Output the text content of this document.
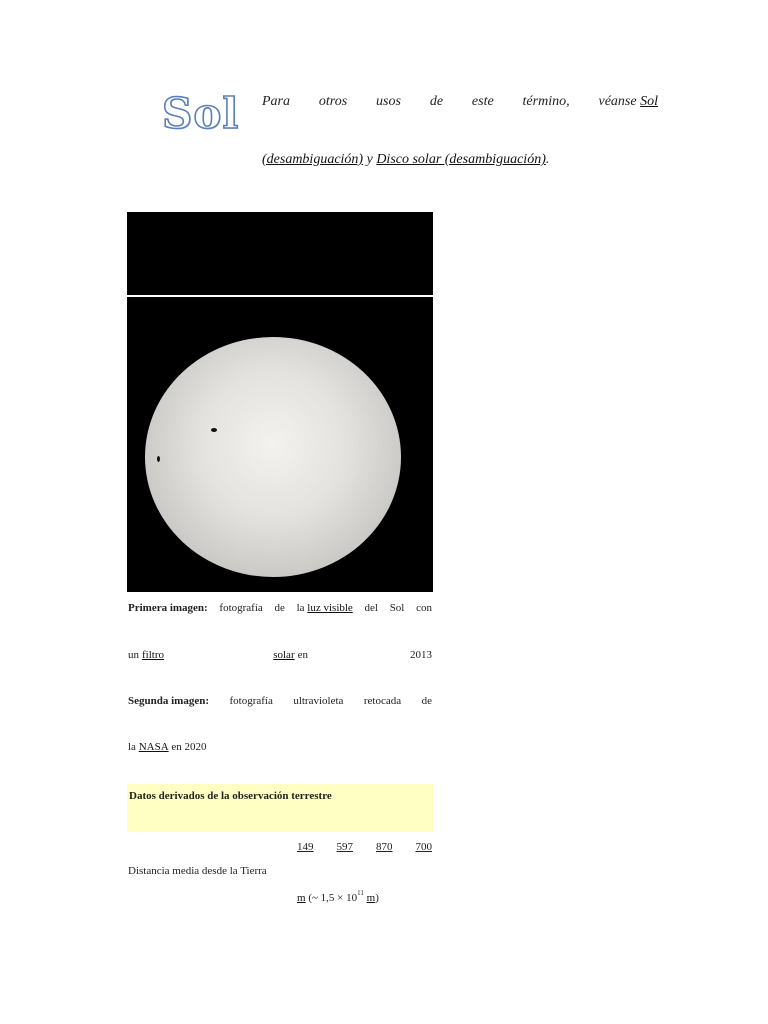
Sol	Para otros usos de este término, véanse Sol
(desambiguación) y Disco solar (desambiguación).
Primera imagen: fotografía de la luz visible del Sol con
un filtro	solar en	2013
Segunda imagen: fotografía ultravioleta retocada de
la NASA en 2020
Datos derivados de la observación terrestre
149 597 870 700
Distancia media desde la Tierra
m (~ $1,5 \times 10^{11}$ m)
